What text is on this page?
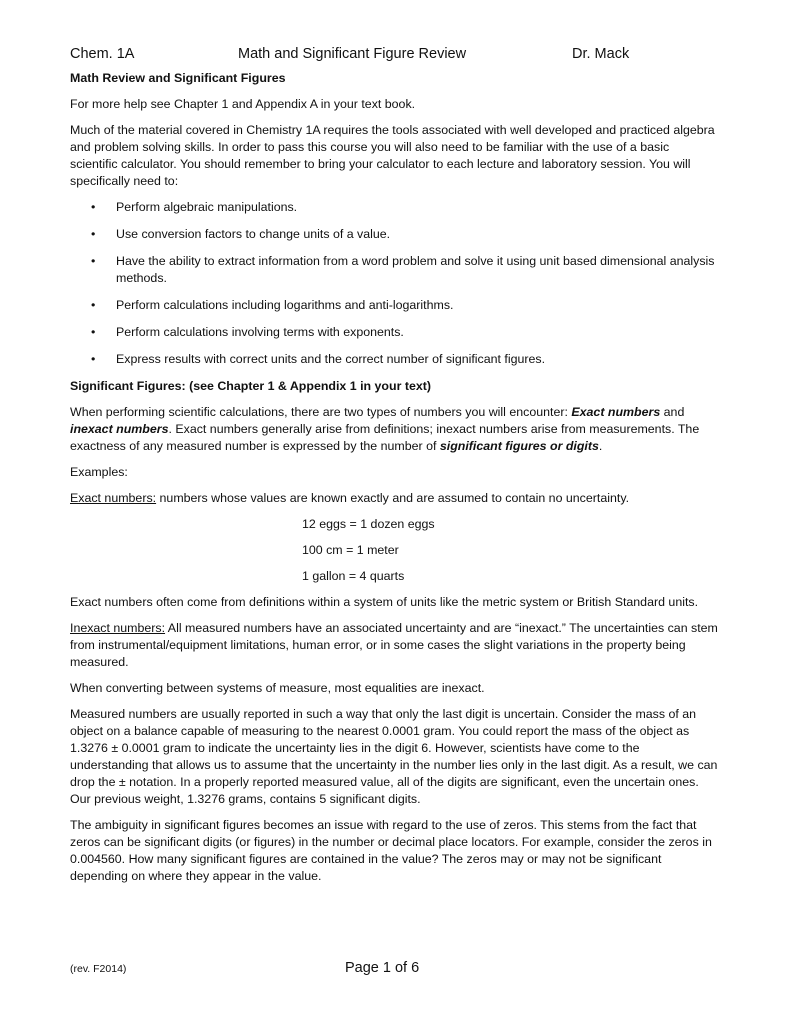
Chem. 1A	Math and Significant Figure Review	Dr. Mack

Math Review and Significant Figures

For more help see Chapter 1 and Appendix A in your text book.

Much of the material covered in Chemistry 1A requires the tools associated with well developed and practiced algebra and problem solving skills. In order to pass this course you will also need to be familiar with the use of a basic scientific calculator. You should remember to bring your calculator to each lecture and laboratory session. You will specifically need to:

• Perform algebraic manipulations.
• Use conversion factors to change units of a value.
• Have the ability to extract information from a word problem and solve it using unit based dimensional analysis methods.
• Perform calculations including logarithms and anti-logarithms.
• Perform calculations involving terms with exponents.
• Express results with correct units and the correct number of significant figures.

Significant Figures: (see Chapter 1 & Appendix 1 in your text)

When performing scientific calculations, there are two types of numbers you will encounter: Exact numbers and inexact numbers. Exact numbers generally arise from definitions; inexact numbers arise from measurements. The exactness of any measured number is expressed by the number of significant figures or digits.

Examples:

Exact numbers: numbers whose values are known exactly and are assumed to contain no uncertainty.

12 eggs = 1 dozen eggs

100 cm = 1 meter

1 gallon = 4 quarts

Exact numbers often come from definitions within a system of units like the metric system or British Standard units.

Inexact numbers: All measured numbers have an associated uncertainty and are “inexact.” The uncertainties can stem from instrumental/equipment limitations, human error, or in some cases the slight variations in the property being measured.

When converting between systems of measure, most equalities are inexact.

Measured numbers are usually reported in such a way that only the last digit is uncertain. Consider the mass of an object on a balance capable of measuring to the nearest 0.0001 gram. You could report the mass of the object as 1.3276 ± 0.0001 gram to indicate the uncertainty lies in the digit 6. However, scientists have come to the understanding that allows us to assume that the uncertainty in the number lies only in the last digit. As a result, we can drop the ± notation. In a properly reported measured value, all of the digits are significant, even the uncertain ones. Our previous weight, 1.3276 grams, contains 5 significant digits.

The ambiguity in significant figures becomes an issue with regard to the use of zeros. This stems from the fact that zeros can be significant digits (or figures) in the number or decimal place locators. For example, consider the zeros in 0.004560. How many significant figures are contained in the value? The zeros may or may not be significant depending on where they appear in the value.

(rev. F2014)	Page 1 of 6
